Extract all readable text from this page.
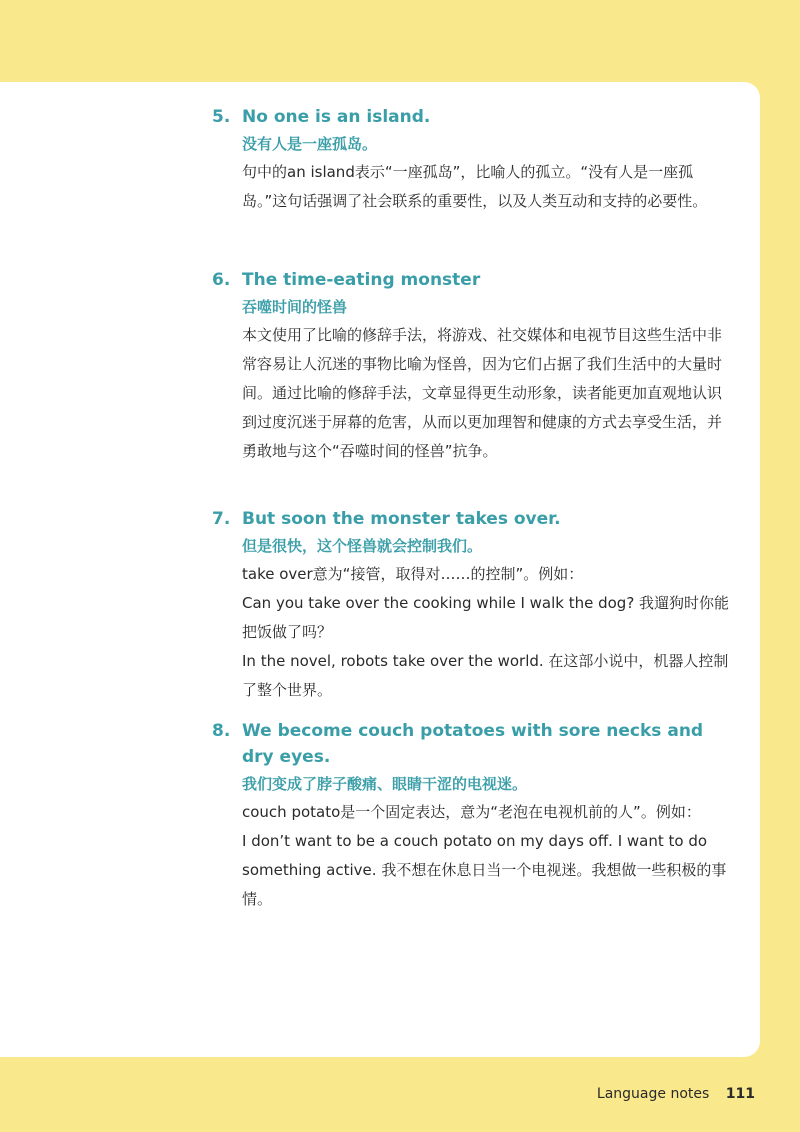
5. No one is an island.
没有人是一座孤岛。
句中的an island表示“一座孤岛”，比喻人的孤立。“没有人是一座孤岛。”这句话强调了社会联系的重要性，以及人类互动和支持的必要性。
6. The time-eating monster
吞噬时间的怪兽
本文使用了比喻的修辞手法，将游戏、社交媒体和电视节目这些生活中非常容易让人沉迷的事物比喻为怪兽，因为它们占据了我们生活中的大量时间。通过比喻的修辞手法，文章显得更生动形象，读者能更加直观地认识到过度沉迷于屏幕的危害，从而以更加理智和健康的方式去享受生活，并勇敢地与这个“吞噬时间的怪兽”抗争。
7. But soon the monster takes over.
但是很快，这个怪兽就会控制我们。
take over意为“接管，取得对……的控制”。例如：
Can you take over the cooking while I walk the dog? 我遛狗时你能把饭做了吗？
In the novel, robots take over the world. 在这部小说中，机器人控制了整个世界。
8. We become couch potatoes with sore necks and dry eyes.
我们变成了脖子酸痛、眼睛干涩的电视迷。
couch potato是一个固定表达，意为“老泡在电视机前的人”。例如：
I don’t want to be a couch potato on my days off. I want to do something active. 我不想在休息日当一个电视迷。我想做一些积极的事情。
Language notes 111
